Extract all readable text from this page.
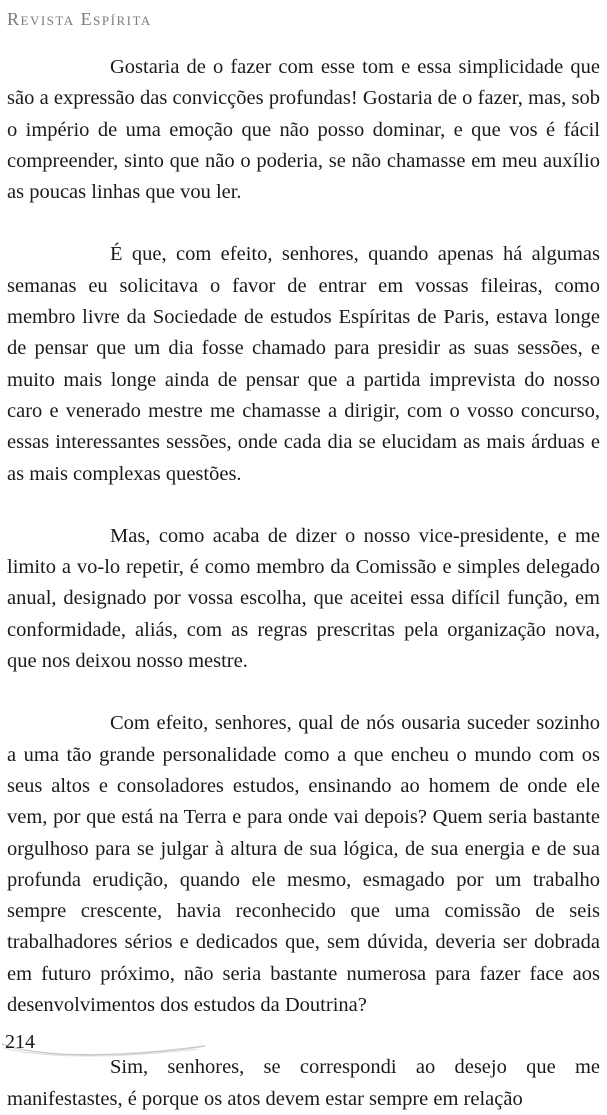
Revista Espírita

Gostaria de o fazer com esse tom e essa simplicidade que são a expressão das convicções profundas! Gostaria de o fazer, mas, sob o império de uma emoção que não posso dominar, e que vos é fácil compreender, sinto que não o poderia, se não chamasse em meu auxílio as poucas linhas que vou ler.

É que, com efeito, senhores, quando apenas há algumas semanas eu solicitava o favor de entrar em vossas fileiras, como membro livre da Sociedade de estudos Espíritas de Paris, estava longe de pensar que um dia fosse chamado para presidir as suas sessões, e muito mais longe ainda de pensar que a partida imprevista do nosso caro e venerado mestre me chamasse a dirigir, com o vosso concurso, essas interessantes sessões, onde cada dia se elucidam as mais árduas e as mais complexas questões.

Mas, como acaba de dizer o nosso vice-presidente, e me limito a vo-lo repetir, é como membro da Comissão e simples delegado anual, designado por vossa escolha, que aceitei essa difícil função, em conformidade, aliás, com as regras prescritas pela organização nova, que nos deixou nosso mestre.

Com efeito, senhores, qual de nós ousaria suceder sozinho a uma tão grande personalidade como a que encheu o mundo com os seus altos e consoladores estudos, ensinando ao homem de onde ele vem, por que está na Terra e para onde vai depois? Quem seria bastante orgulhoso para se julgar à altura de sua lógica, de sua energia e de sua profunda erudição, quando ele mesmo, esmagado por um trabalho sempre crescente, havia reconhecido que uma comissão de seis trabalhadores sérios e dedicados que, sem dúvida, deveria ser dobrada em futuro próximo, não seria bastante numerosa para fazer face aos desenvolvimentos dos estudos da Doutrina?

Sim, senhores, se correspondi ao desejo que me manifestastes, é porque os atos devem estar sempre em relação

214
